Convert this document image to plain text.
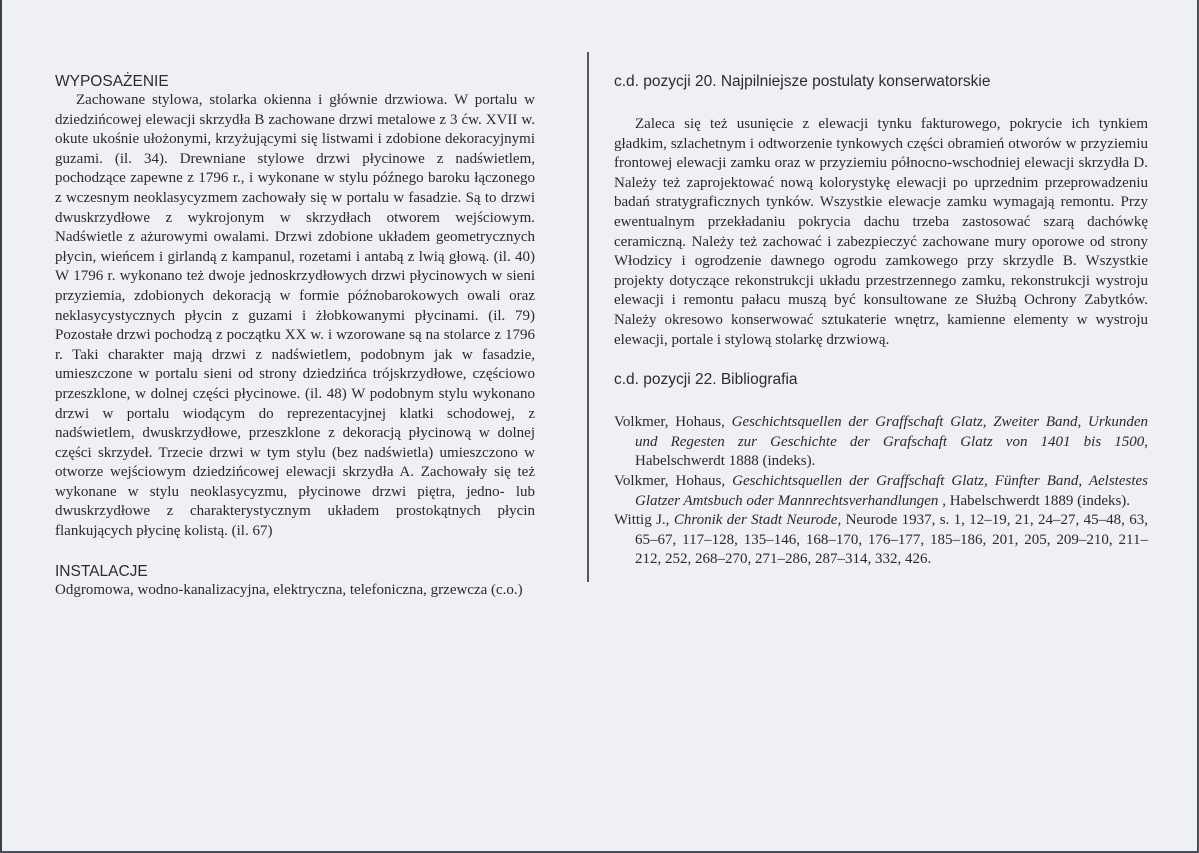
WYPOSAŻENIE

Zachowane stylowa, stolarka okienna i głównie drzwiowa. W portalu w dziedzińcowej elewacji skrzydła B zachowane drzwi metalowe z 3 ćw. XVII w. okute ukośnie ułożonymi, krzyżującymi się listwami i zdobione dekoracyjnymi guzami. (il. 34). Drewniane stylowe drzwi płycinowe z nadświetlem, pochodzące zapewne z 1796 r., i wykonane w stylu późnego baroku łączonego z wczesnym neoklasycyzmem zachowały się w portalu w fasadzie. Są to drzwi dwuskrzydłowe z wykrojonym w skrzydłach otworem wejściowym. Nadświetle z ażurowymi owalami. Drzwi zdobione układem geometrycznych płycin, wieńcem i girlandą z kampanul, rozetami i antabą z lwią głową. (il. 40) W 1796 r. wykonano też dwoje jednoskrzydłowych drzwi płycinowych w sieni przyziemia, zdobionych dekoracją w formie późnobarokowych owali oraz neklasycystycznych płycin z guzami i żłobkowanymi płycinami. (il. 79) Pozostałe drzwi pochodzą z początku XX w. i wzorowane są na stolarce z 1796 r. Taki charakter mają drzwi z nadświetlem, podobnym jak w fasadzie, umieszczone w portalu sieni od strony dziedzińca trójskrzydłowe, częściowo przeszklone, w dolnej części płycinowe. (il. 48) W podobnym stylu wykonano drzwi w portalu wiodącym do reprezentacyjnej klatki schodowej, z nadświetlem, dwuskrzydłowe, przeszklone z dekoracją płycinową w dolnej części skrzydeł. Trzecie drzwi w tym stylu (bez nadświetla) umieszczono w otworze wejściowym dziedzińcowej elewacji skrzydła A. Zachowały się też wykonane w stylu neoklasycyzmu, płycinowe drzwi piętra, jedno- lub dwuskrzydłowe z charakterystycznym układem prostokątnych płycin flankujących płycinę kolistą. (il. 67)

INSTALACJE

Odgromowa, wodno-kanalizacyjna, elektryczna, telefoniczna, grzewcza (c.o.)

c.d. pozycji 20. Najpilniejsze postulaty konserwatorskie

Zaleca się też usunięcie z elewacji tynku fakturowego, pokrycie ich tynkiem gładkim, szlachetnym i odtworzenie tynkowych części obramień otworów w przyziemiu frontowej elewacji zamku oraz w przyziemiu północno-wschodniej elewacji skrzydła D. Należy też zaprojektować nową kolorystykę elewacji po uprzednim przeprowadzeniu badań stratygraficznych tynków. Wszystkie elewacje zamku wymagają remontu. Przy ewentualnym przekładaniu pokrycia dachu trzeba zastosować szarą dachówkę ceramiczną. Należy też zachować i zabezpieczyć zachowane mury oporowe od strony Włodzicy i ogrodzenie dawnego ogrodu zamkowego przy skrzydle B. Wszystkie projekty dotyczące rekonstrukcji układu przestrzennego zamku, rekonstrukcji wystroju elewacji i remontu pałacu muszą być konsultowane ze Służbą Ochrony Zabytków. Należy okresowo konserwować sztukaterie wnętrz, kamienne elementy w wystroju elewacji, portale i stylową stolarkę drzwiową.

c.d. pozycji 22. Bibliografia

Volkmer, Hohaus, Geschichtsquellen der Graffschaft Glatz, Zweiter Band, Urkunden und Regesten zur Geschichte der Grafschaft Glatz von 1401 bis 1500, Habelschwerdt 1888 (indeks).

Volkmer, Hohaus, Geschichtsquellen der Graffschaft Glatz, Fünfter Band, Aelstestes Glatzer Amtsbuch oder Mannrechtsverhandlungen , Habelschwerdt 1889 (indeks).

Wittig J., Chronik der Stadt Neurode, Neurode 1937, s. 1, 12–19, 21, 24–27, 45–48, 63, 65–67, 117–128, 135–146, 168–170, 176–177, 185–186, 201, 205, 209–210, 211–212, 252, 268–270, 271–286, 287–314, 332, 426.
